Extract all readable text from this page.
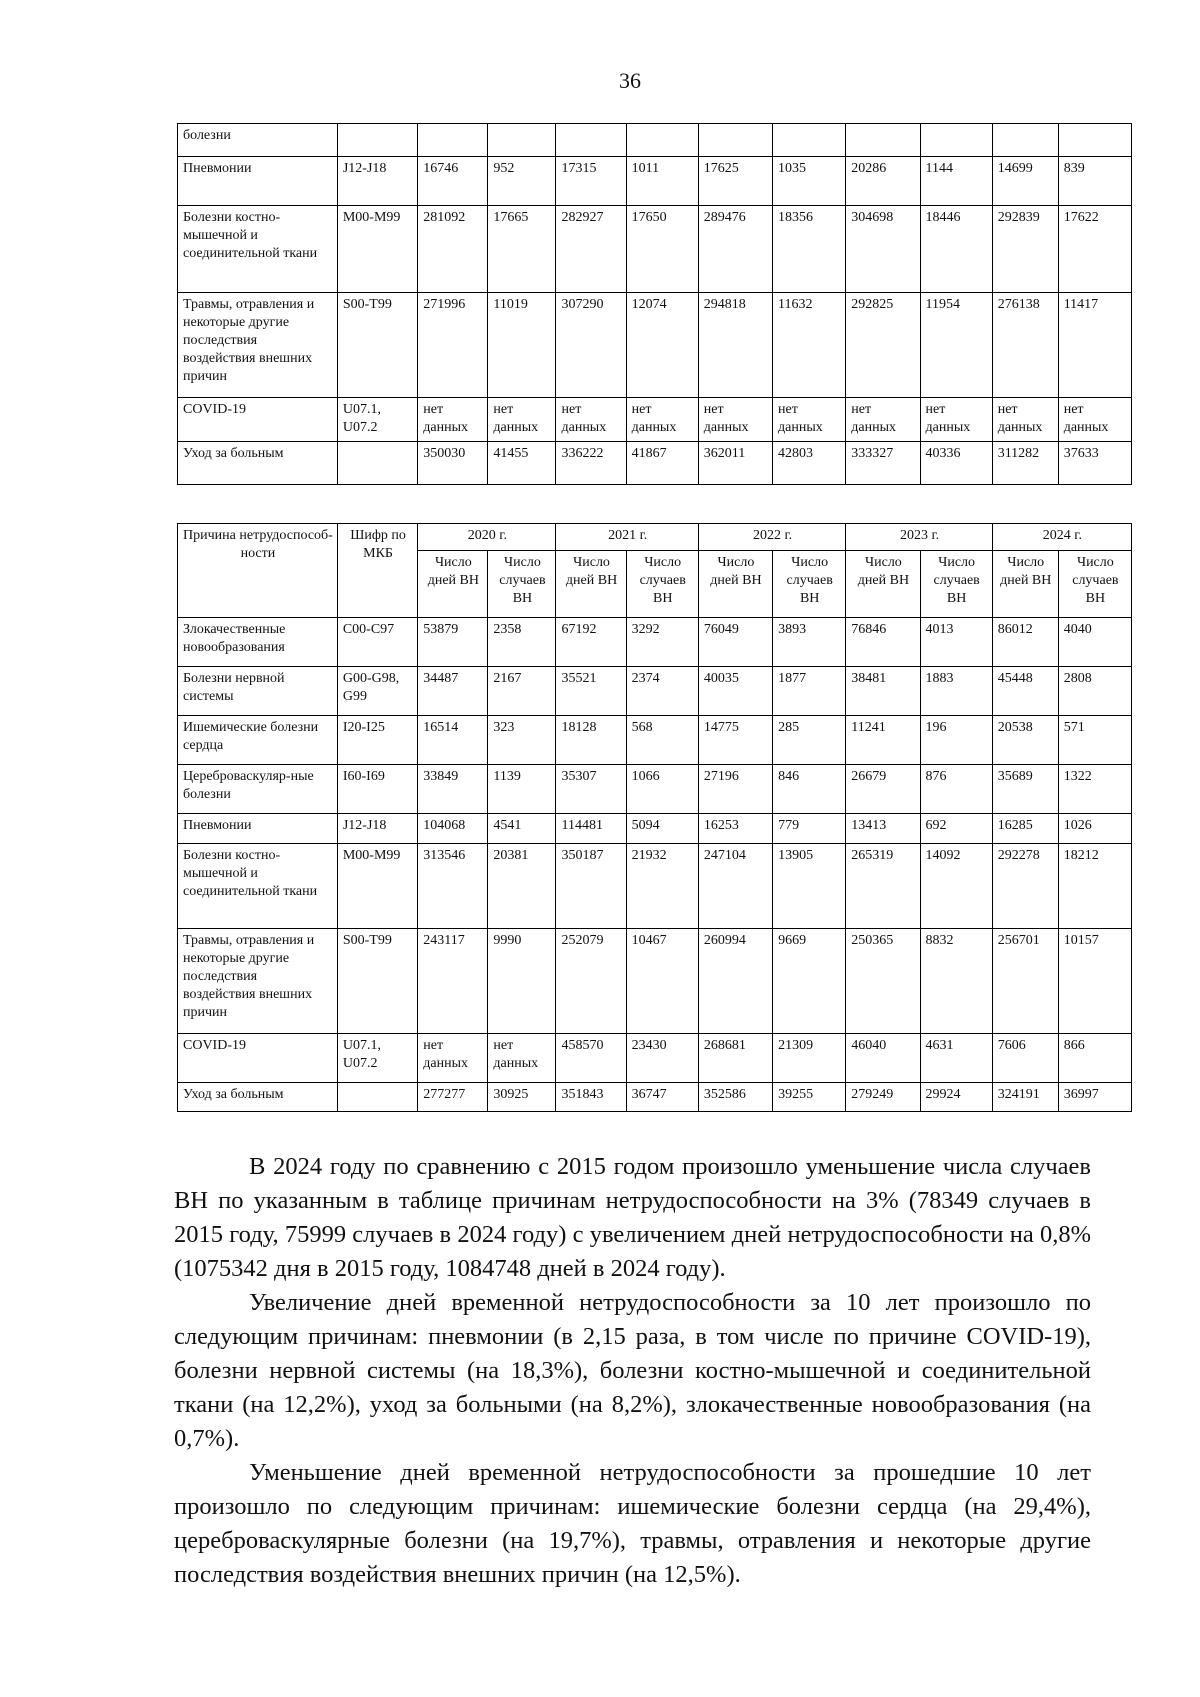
36
болезни											
Пневмонии	J12-J18	16746	952	17315	1011	17625	1035	20286	1144	14699	839
Болезни костно-мышечной и соединительной ткани	M00-M99	281092	17665	282927	17650	289476	18356	304698	18446	292839	17622
Травмы, отравления и некоторые другие последствия воздействия внешних причин	S00-T99	271996	11019	307290	12074	294818	11632	292825	11954	276138	11417
COVID-19	U07.1, U07.2	нет данных	нет данных	нет данных	нет данных	нет данных	нет данных	нет данных	нет данных	нет данных	нет данных
Уход за больным		350030	41455	336222	41867	362011	42803	333327	40336	311282	37633
Причина нетрудоспособ-ности	Шифр по МКБ	2020 г.		2021 г.		2022 г.		2023 г.		2024 г.	
		Число дней ВН	Число случаев ВН	Число дней ВН	Число случаев ВН	Число дней ВН	Число случаев ВН	Число дней ВН	Число случаев ВН	Число дней ВН	Число случаев ВН
Злокачественные новообразования	C00-C97	53879	2358	67192	3292	76049	3893	76846	4013	86012	4040
Болезни нервной системы	G00-G98, G99	34487	2167	35521	2374	40035	1877	38481	1883	45448	2808
Ишемические болезни сердца	I20-I25	16514	323	18128	568	14775	285	11241	196	20538	571
Цереброваскуляр-ные болезни	I60-I69	33849	1139	35307	1066	27196	846	26679	876	35689	1322
Пневмонии	J12-J18	104068	4541	114481	5094	16253	779	13413	692	16285	1026
Болезни костно-мышечной и соединительной ткани	M00-M99	313546	20381	350187	21932	247104	13905	265319	14092	292278	18212
Травмы, отравления и некоторые другие последствия воздействия внешних причин	S00-T99	243117	9990	252079	10467	260994	9669	250365	8832	256701	10157
COVID-19	U07.1, U07.2	нет данных	нет данных	458570	23430	268681	21309	46040	4631	7606	866
Уход за больным		277277	30925	351843	36747	352586	39255	279249	29924	324191	36997

В 2024 году по сравнению с 2015 годом произошло уменьшение числа случаев ВН по указанным в таблице причинам нетрудоспособности на 3% (78349 случаев в 2015 году, 75999 случаев в 2024 году) с увеличением дней нетрудоспособности на 0,8% (1075342 дня в 2015 году, 1084748 дней в 2024 году).

Увеличение дней временной нетрудоспособности за 10 лет произошло по следующим причинам: пневмонии (в 2,15 раза, в том числе по причине COVID-19), болезни нервной системы (на 18,3%), болезни костно-мышечной и соединительной ткани (на 12,2%), уход за больными (на 8,2%), злокачественные новообразования (на 0,7%).

Уменьшение дней временной нетрудоспособности за прошедшие 10 лет произошло по следующим причинам: ишемические болезни сердца (на 29,4%), цереброваскулярные болезни (на 19,7%), травмы, отравления и некоторые другие последствия воздействия внешних причин (на 12,5%).
